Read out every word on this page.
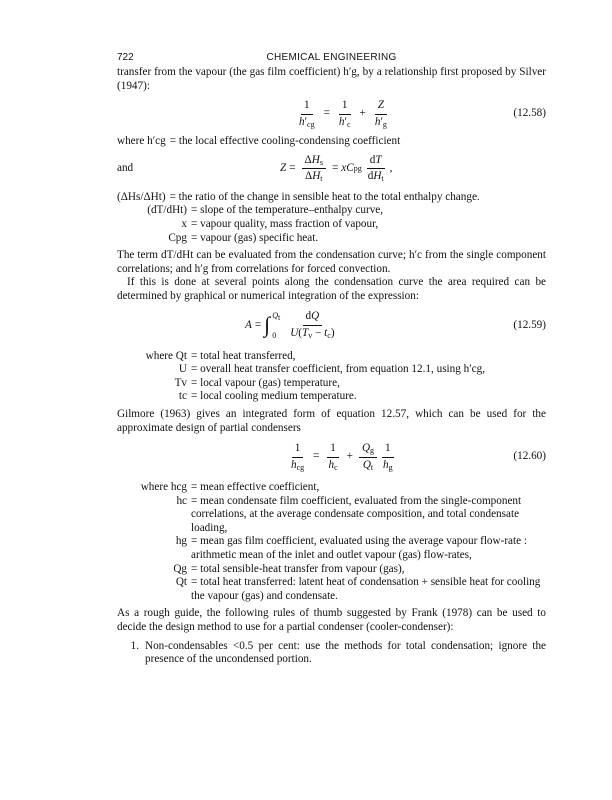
722	CHEMICAL ENGINEERING

transfer from the vapour (the gas film coefficient) h′g, by a relationship first proposed by Silver (1947):

$\frac{1}{h'_{cg}} = \frac{1}{h'_c} + \frac{Z}{h'_g}$	(12.58)
where h′cg = the local effective cooling-condensing coefficient
and	$Z = \frac{\Delta H_s}{\Delta H_t}$ = xC pg $\frac{dT}{dH_t}$ ,
(ΔHs/ΔHt) = the ratio of the change in sensible heat to the total enthalpy change.
(dT/dHt) = slope of the temperature–enthalpy curve,
x = vapour quality, mass fraction of vapour,
Cpg = vapour (gas) specific heat.

The term dT/dHt can be evaluated from the condensation curve; h′c from the single component correlations; and h′g from correlations for forced convection.

If this is done at several points along the condensation curve the area required can be determined by graphical or numerical integration of the expression:

A = ∫ $Q_t$
$0 \frac{dQ}{U(T_v - t_c)}$	(12.59)
where Qt = total heat transferred,
U = overall heat transfer coefficient, from equation 12.1, using h′cg,
Tv = local vapour (gas) temperature,
tc = local cooling medium temperature.

Gilmore (1963) gives an integrated form of equation 12.57, which can be used for the approximate design of partial condensers

$\frac{1}{h_{cg}} = \frac{1}{h_c} + \frac{Q_g}{Q_t} \frac{1}{h_g}$	(12.60)
where hcg = mean effective coefficient,
hc = mean condensate film coefficient, evaluated from the single-component correlations, at the average condensate composition, and total condensate loading,
hg = mean gas film coefficient, evaluated using the average vapour flow-rate : arithmetic mean of the inlet and outlet vapour (gas) flow-rates,
Qg = total sensible-heat transfer from vapour (gas),
Qt = total heat transferred: latent heat of condensation + sensible heat for cooling the vapour (gas) and condensate.

As a rough guide, the following rules of thumb suggested by Frank (1978) can be used to decide the design method to use for a partial condenser (cooler-condenser):

1. Non-condensables <0.5 per cent: use the methods for total condensation; ignore the presence of the uncondensed portion.
